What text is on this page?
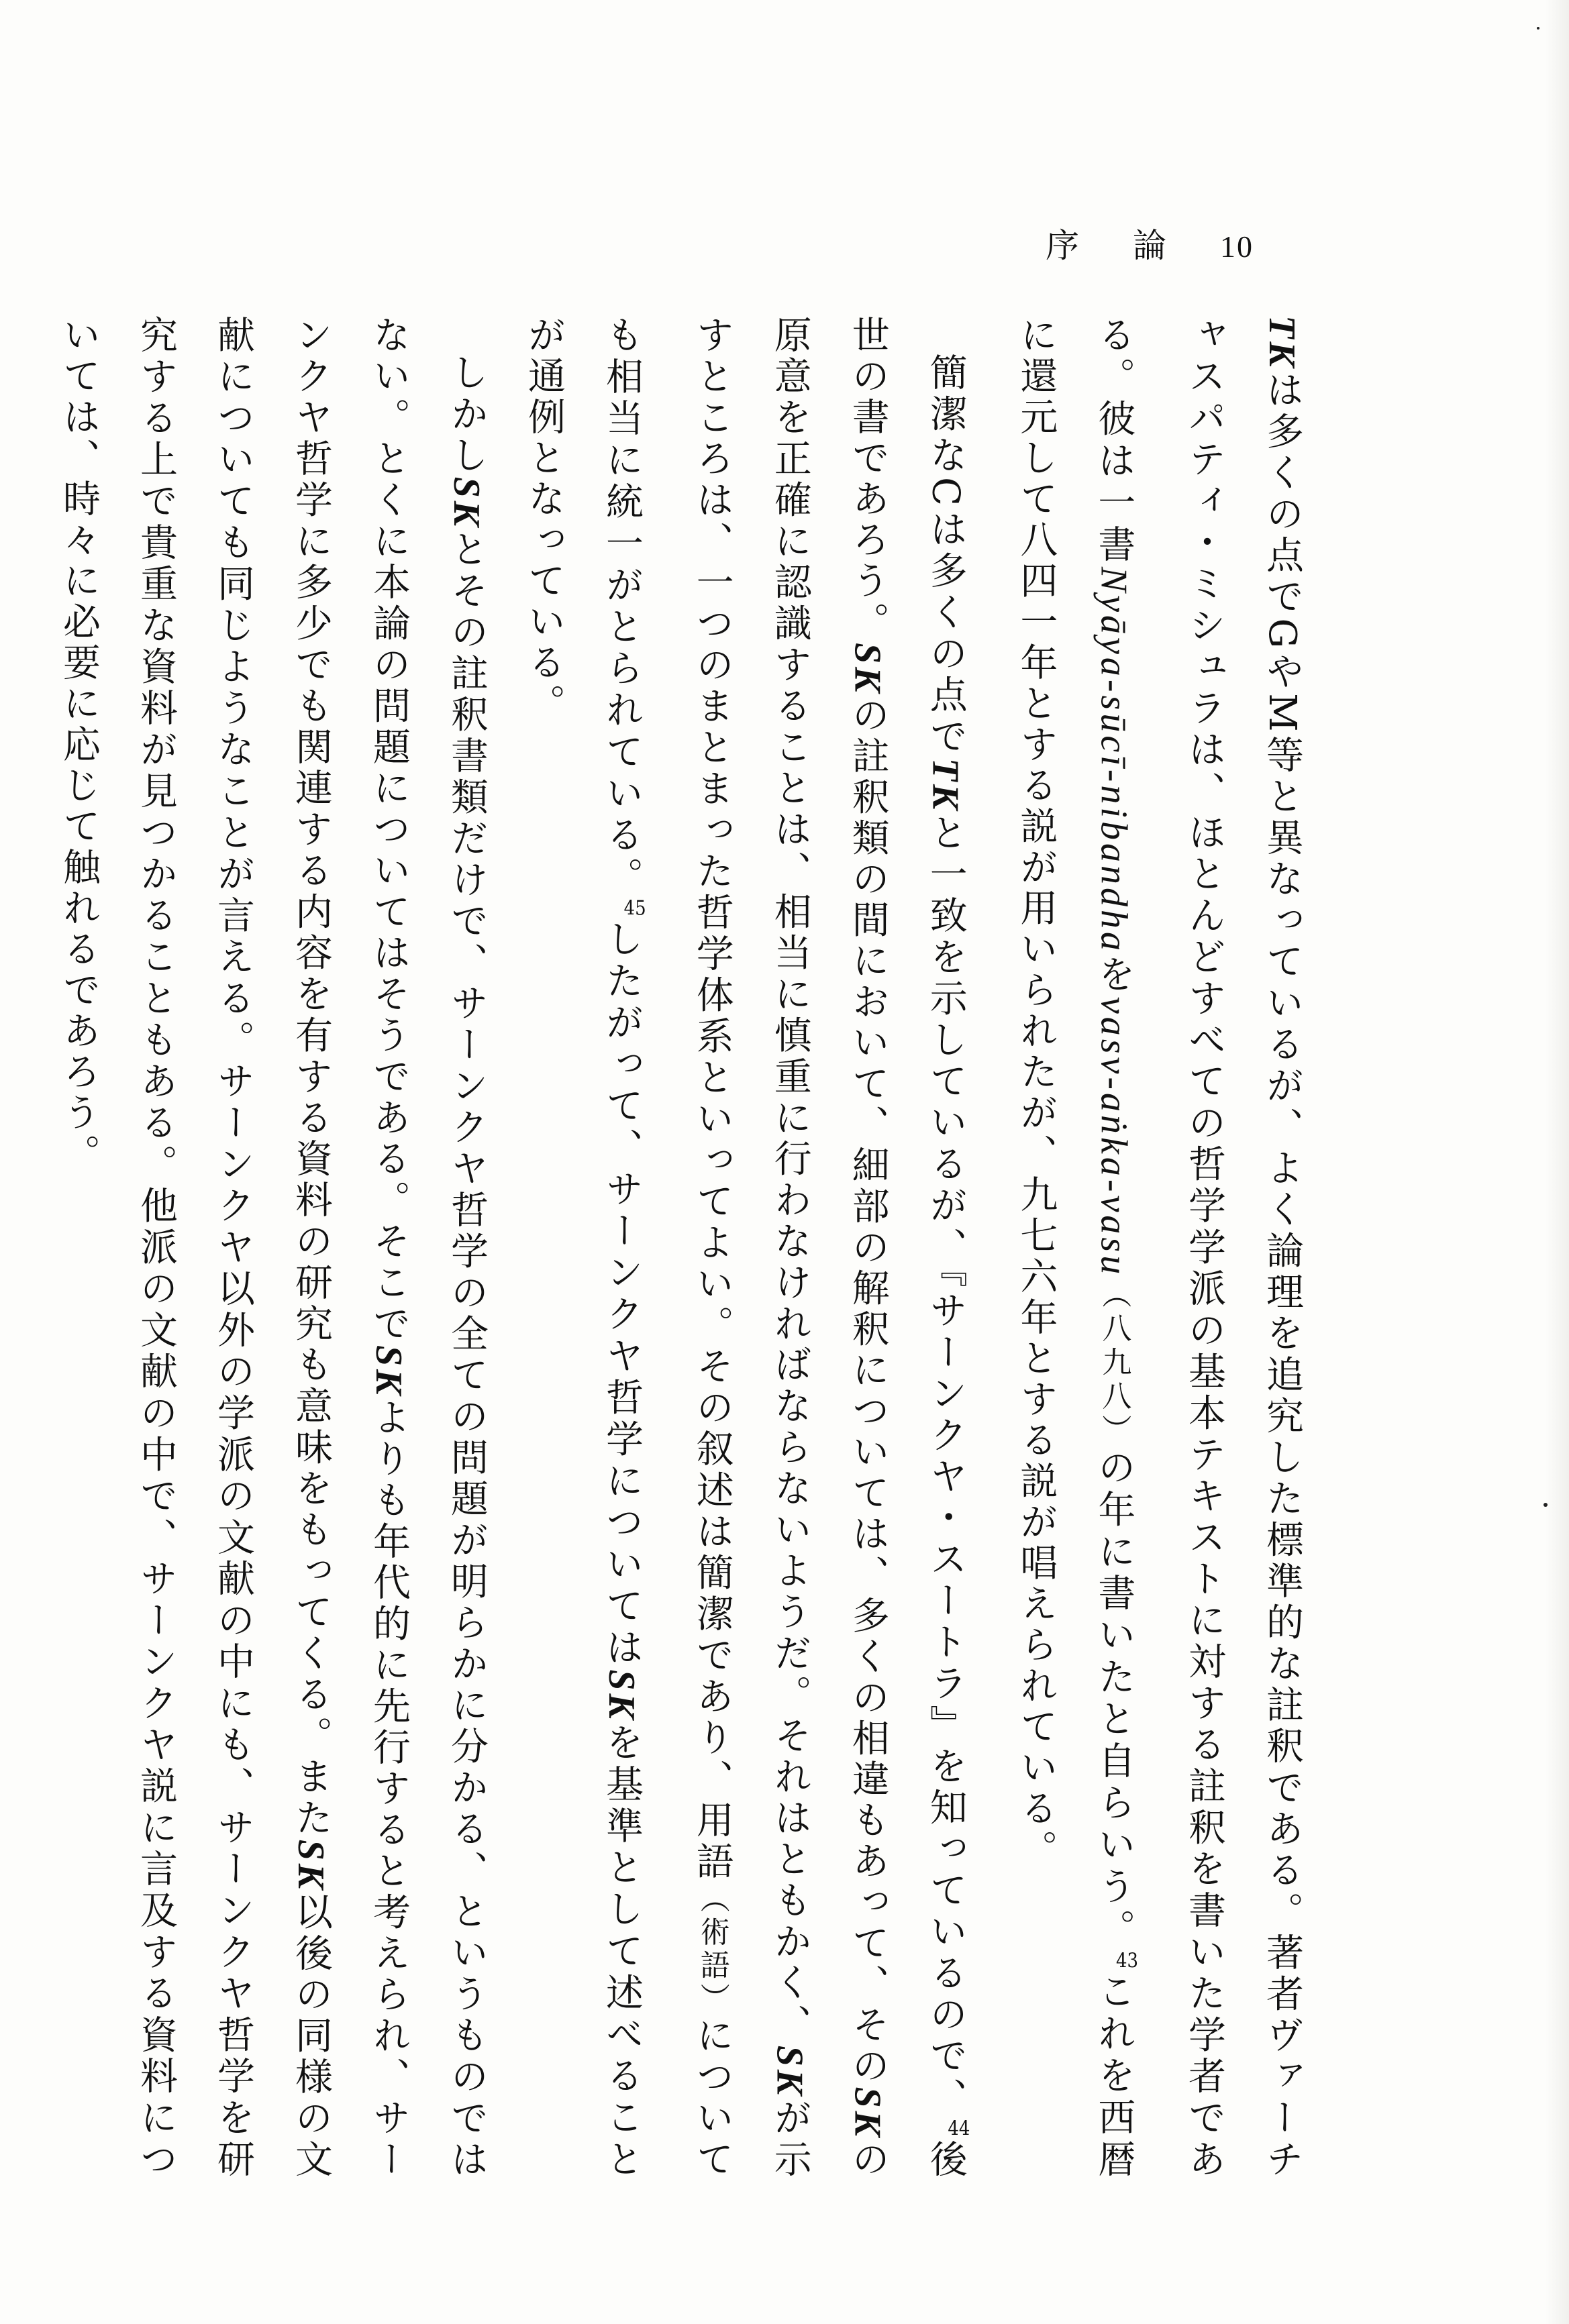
序 論 10

TKは多くの点でGやM等と異なっているが、よく論理を追究した標準的な註釈である。著者ヴァーチャスパティ・ミシュラは、ほとんどすべての哲学学派の基本テキストに対する註釈を書いた学者である。彼は一書Nyāya-sūcī-nibandhaをvasv-aṅka-vasu（八九八）の年に書いたと自らいう。$^{43}$これを西暦に還元して八四一年とする説が用いられたが、九七六年とする説が唱えられている。

簡潔なCは多くの点でTKと一致を示しているが、『サーンクヤ・スートラ』を知っているので、$^{44}$後世の書であろう。SKの註釈類の間において、細部の解釈については、多くの相違もあって、そのSKの原意を正確に認識することは、相当に慎重に行わなければならないようだ。それはともかく、SKが示すところは、一つのまとまった哲学体系といってよい。その叙述は簡潔であり、用語（術語）についても相当に統一がとられている。$^{45}$したがって、サーンクヤ哲学についてはSKを基準として述べることが通例となっている。

しかしSKとその註釈書類だけで、サーンクヤ哲学の全ての問題が明らかに分かる、というものではない。とくに本論の問題についてはそうである。そこでSKよりも年代的に先行すると考えられ、サーンクヤ哲学に多少でも関連する内容を有する資料の研究も意味をもってくる。またSK以後の同様の文献についても同じようなことが言える。サーンクヤ以外の学派の文献の中にも、サーンクヤ哲学を研究する上で貴重な資料が見つかることもある。他派の文献の中で、サーンクヤ説に言及する資料については、時々に必要に応じて触れるであろう。
